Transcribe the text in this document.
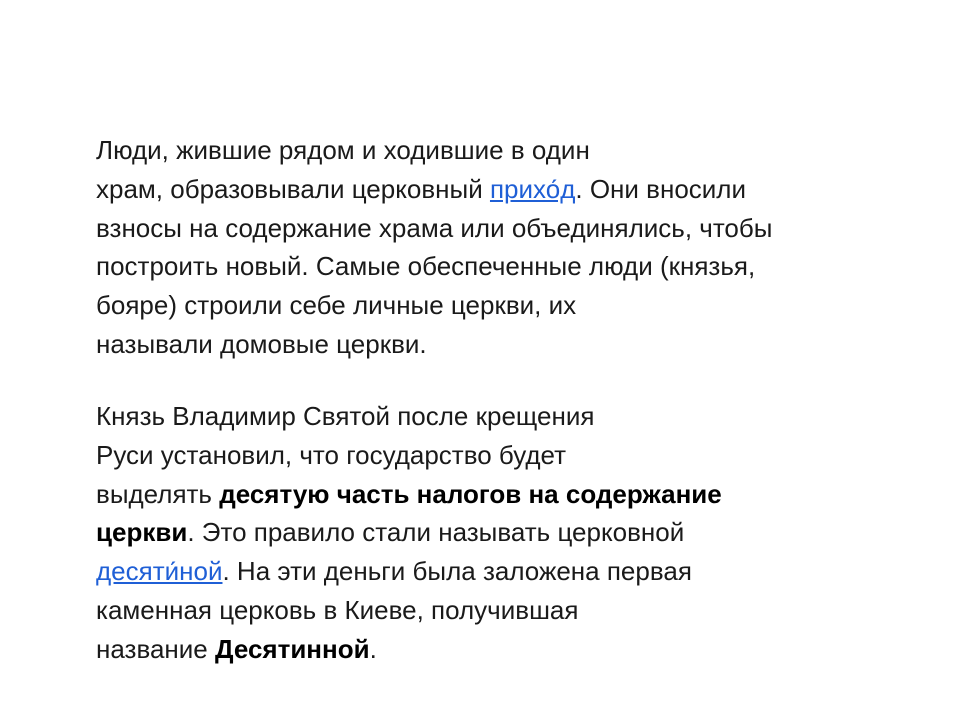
Люди, жившие рядом и ходившие в один
храм, образовывали церковный прихо́д. Они вносили
взносы на содержание храма или объединялись, чтобы
построить новый. Самые обеспеченные люди (князья,
бояре) строили себе личные церкви, их
называли домовые церкви.
Князь Владимир Святой после крещения
Руси установил, что государство будет
выделять десятую часть налогов на содержание
церкви. Это правило стали называть церковной
десяти́ной. На эти деньги была заложена первая
каменная церковь в Киеве, получившая
название Десятинной.
